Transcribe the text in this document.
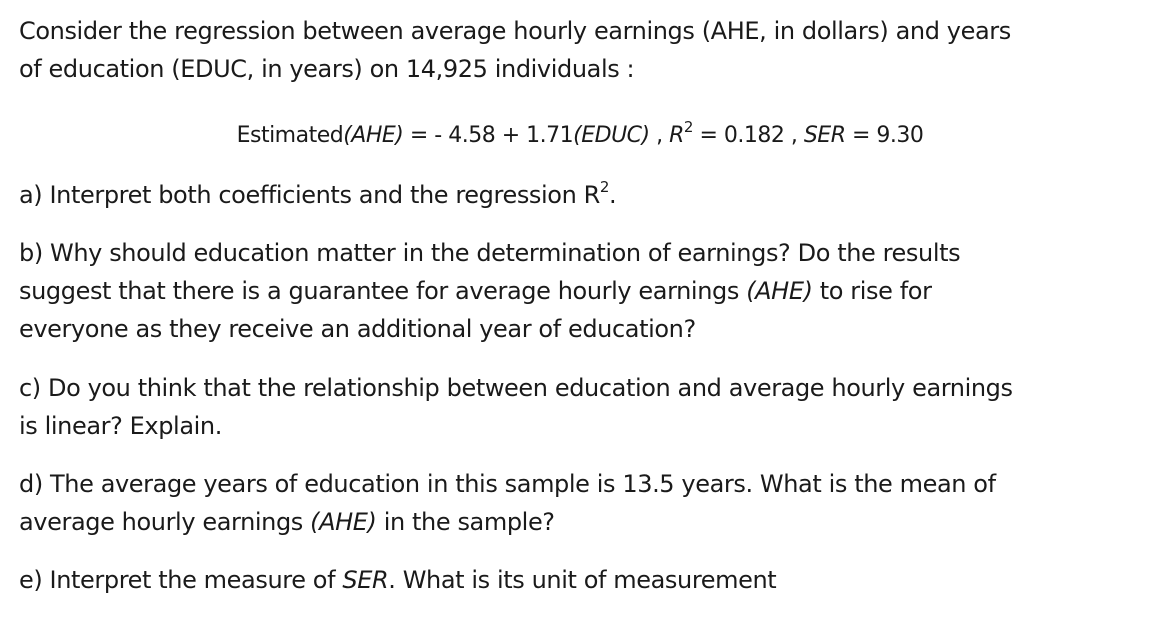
Consider the regression between average hourly earnings (AHE, in dollars) and years
of education (EDUC, in years) on 14,925 individuals :

Estimated(AHE) = - 4.58 + 1.71(EDUC) , $R^2 = 0.182$ , SER = 9.30

a) Interpret both coefficients and the regression $R^2$.

b) Why should education matter in the determination of earnings? Do the results
suggest that there is a guarantee for average hourly earnings (AHE) to rise for
everyone as they receive an additional year of education?

c) Do you think that the relationship between education and average hourly earnings
is linear? Explain.

d) The average years of education in this sample is 13.5 years. What is the mean of
average hourly earnings (AHE) in the sample?

e) Interpret the measure of SER. What is its unit of measurement
